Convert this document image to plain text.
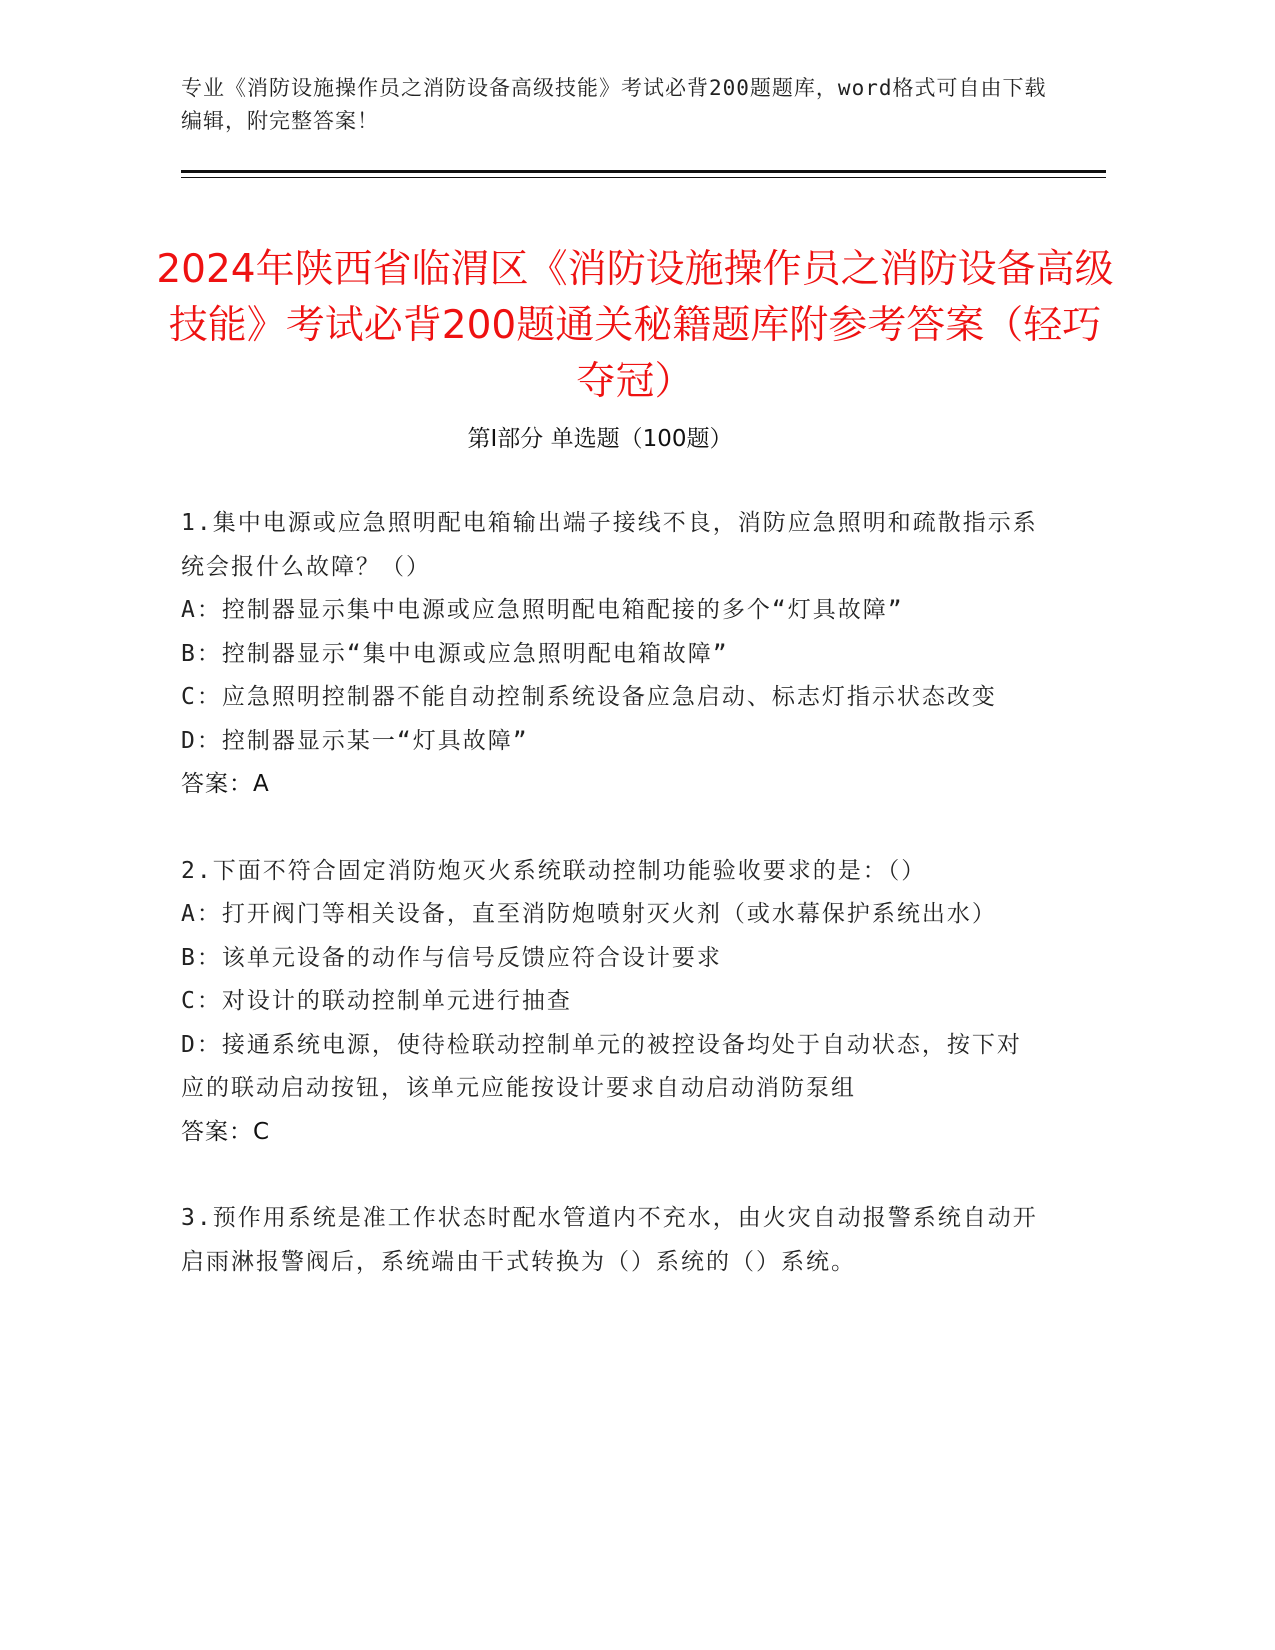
专业《消防设施操作员之消防设备高级技能》考试必背200题题库，word格式可自由下载编辑，附完整答案！
2024年陕西省临渭区《消防设施操作员之消防设备高级技能》考试必背200题通关秘籍题库附参考答案（轻巧夺冠）
第I部分 单选题（100题）

1.集中电源或应急照明配电箱输出端子接线不良，消防应急照明和疏散指示系统会报什么故障？（）

A：控制器显示集中电源或应急照明配电箱配接的多个“灯具故障”

B：控制器显示“集中电源或应急照明配电箱故障”

C：应急照明控制器不能自动控制系统设备应急启动、标志灯指示状态改变

D：控制器显示某一“灯具故障”

答案：A

2.下面不符合固定消防炮灭火系统联动控制功能验收要求的是：（）

A：打开阀门等相关设备，直至消防炮喷射灭火剂（或水幕保护系统出水）

B：该单元设备的动作与信号反馈应符合设计要求

C：对设计的联动控制单元进行抽查

D：接通系统电源，使待检联动控制单元的被控设备均处于自动状态，按下对应的联动启动按钮，该单元应能按设计要求自动启动消防泵组

答案：C

3.预作用系统是准工作状态时配水管道内不充水，由火灾自动报警系统自动开启雨淋报警阀后，系统端由干式转换为（）系统的（）系统。
